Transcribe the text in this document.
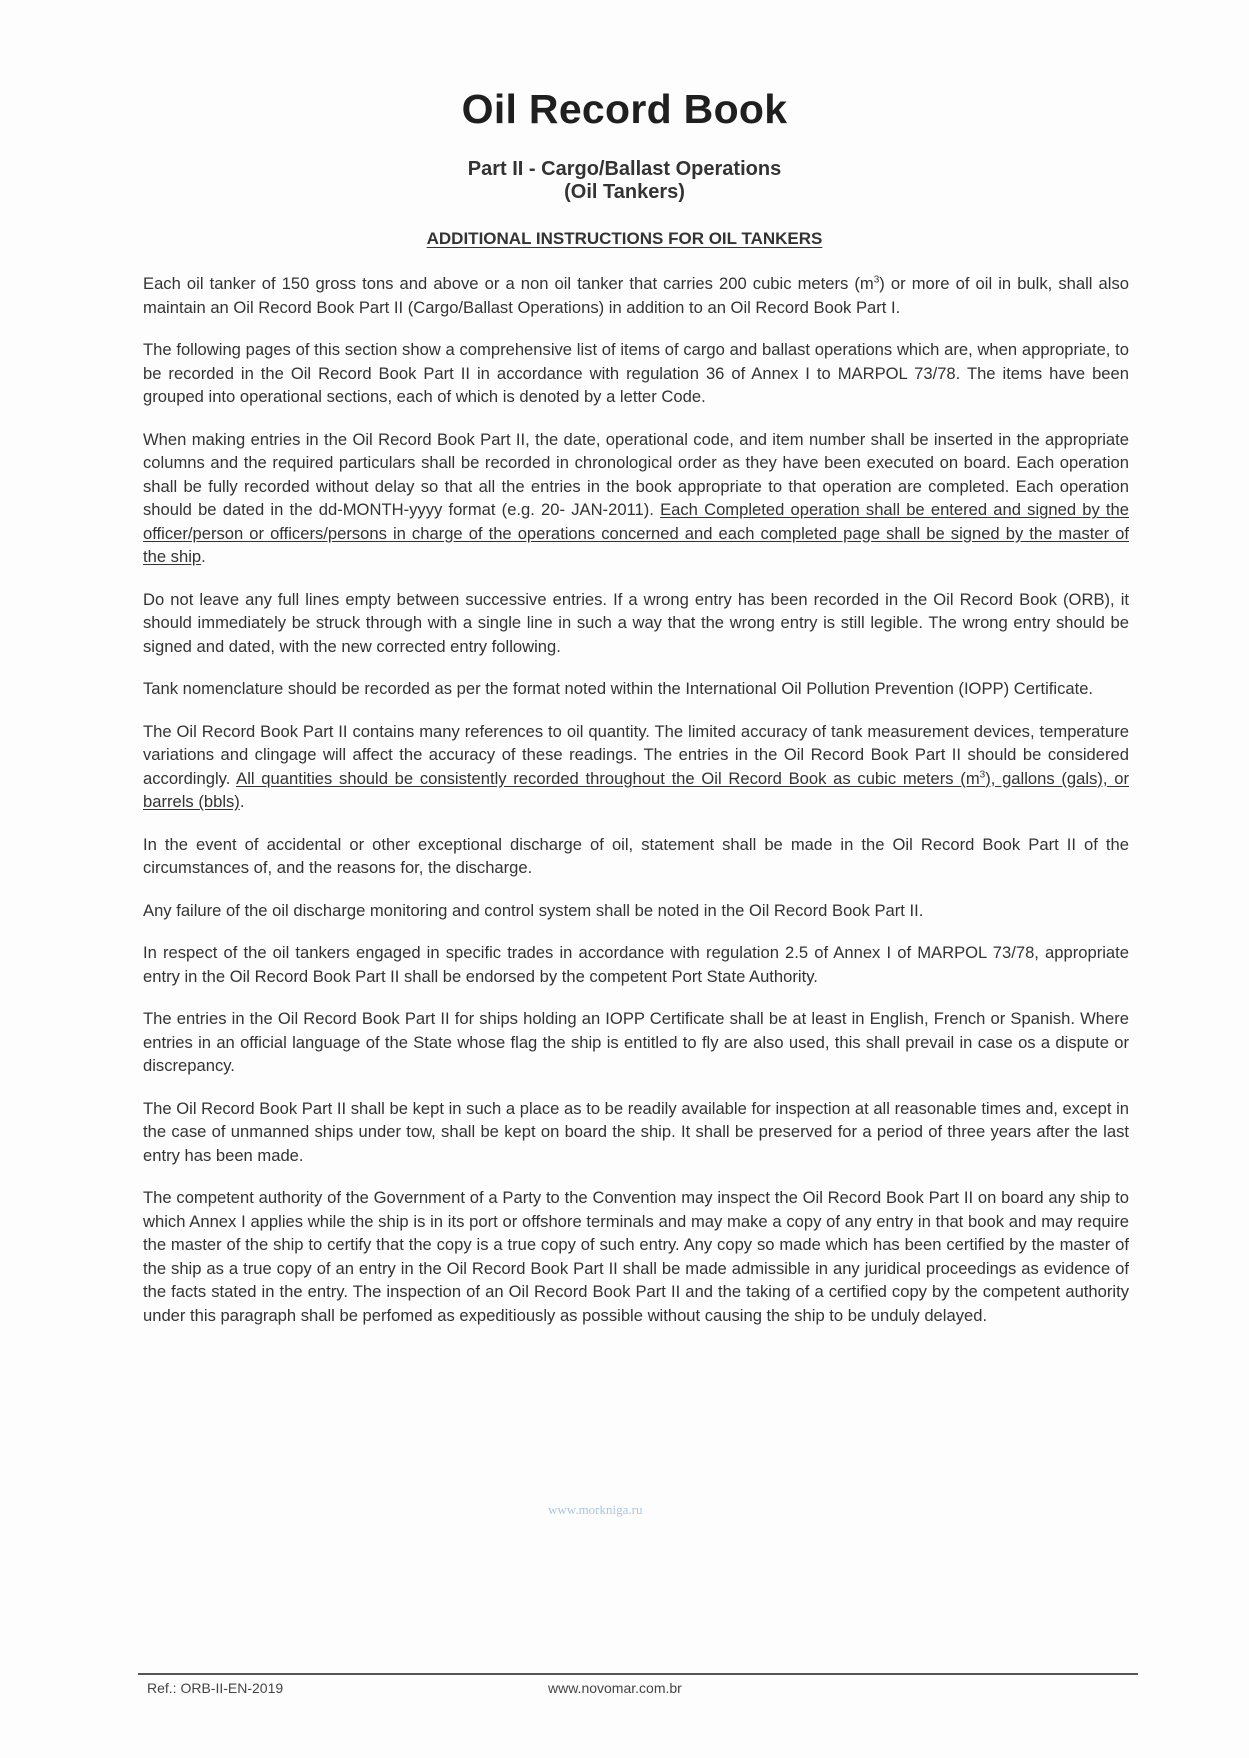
Oil Record Book
Part II - Cargo/Ballast Operations
(Oil Tankers)
ADDITIONAL INSTRUCTIONS FOR OIL TANKERS

Each oil tanker of 150 gross tons and above or a non oil tanker that carries 200 cubic meters $(m^3)$ or more of oil in bulk, shall also maintain an Oil Record Book Part II (Cargo/Ballast Operations) in addition to an Oil Record Book Part I.

The following pages of this section show a comprehensive list of items of cargo and ballast operations which are, when appropriate, to be recorded in the Oil Record Book Part II in accordance with regulation 36 of Annex I to MARPOL 73/78. The items have been grouped into operational sections, each of which is denoted by a letter Code.

When making entries in the Oil Record Book Part II, the date, operational code, and item number shall be inserted in the appropriate columns and the required particulars shall be recorded in chronological order as they have been executed on board. Each operation shall be fully recorded without delay so that all the entries in the book appropriate to that operation are completed. Each operation should be dated in the dd-MONTH-yyyy format (e.g. 20- JAN-2011). Each Completed operation shall be entered and signed by the officer/person or officers/persons in charge of the operations concerned and each completed page shall be signed by the master of the ship.

Do not leave any full lines empty between successive entries. If a wrong entry has been recorded in the Oil Record Book (ORB), it should immediately be struck through with a single line in such a way that the wrong entry is still legible. The wrong entry should be signed and dated, with the new corrected entry following.

Tank nomenclature should be recorded as per the format noted within the International Oil Pollution Prevention (IOPP) Certificate.

The Oil Record Book Part II contains many references to oil quantity. The limited accuracy of tank measurement devices, temperature variations and clingage will affect the accuracy of these readings. The entries in the Oil Record Book Part II should be considered accordingly. All quantities should be consistently recorded throughout the Oil Record Book as cubic meters $(m^3)$, gallons (gals), or barrels (bbls).

In the event of accidental or other exceptional discharge of oil, statement shall be made in the Oil Record Book Part II of the circumstances of, and the reasons for, the discharge.

Any failure of the oil discharge monitoring and control system shall be noted in the Oil Record Book Part II.

In respect of the oil tankers engaged in specific trades in accordance with regulation 2.5 of Annex I of MARPOL 73/78, appropriate entry in the Oil Record Book Part II shall be endorsed by the competent Port State Authority.

The entries in the Oil Record Book Part II for ships holding an IOPP Certificate shall be at least in English, French or Spanish. Where entries in an official language of the State whose flag the ship is entitled to fly are also used, this shall prevail in case os a dispute or discrepancy.

The Oil Record Book Part II shall be kept in such a place as to be readily available for inspection at all reasonable times and, except in the case of unmanned ships under tow, shall be kept on board the ship. It shall be preserved for a period of three years after the last entry has been made.

The competent authority of the Government of a Party to the Convention may inspect the Oil Record Book Part II on board any ship to which Annex I applies while the ship is in its port or offshore terminals and may make a copy of any entry in that book and may require the master of the ship to certify that the copy is a true copy of such entry. Any copy so made which has been certified by the master of the ship as a true copy of an entry in the Oil Record Book Part II shall be made admissible in any juridical proceedings as evidence of the facts stated in the entry. The inspection of an Oil Record Book Part II and the taking of a certified copy by the competent authority under this paragraph shall be perfomed as expeditiously as possible without causing the ship to be unduly delayed.

www.morkniga.ru
Ref.: ORB-II-EN-2019	www.novomar.com.br
